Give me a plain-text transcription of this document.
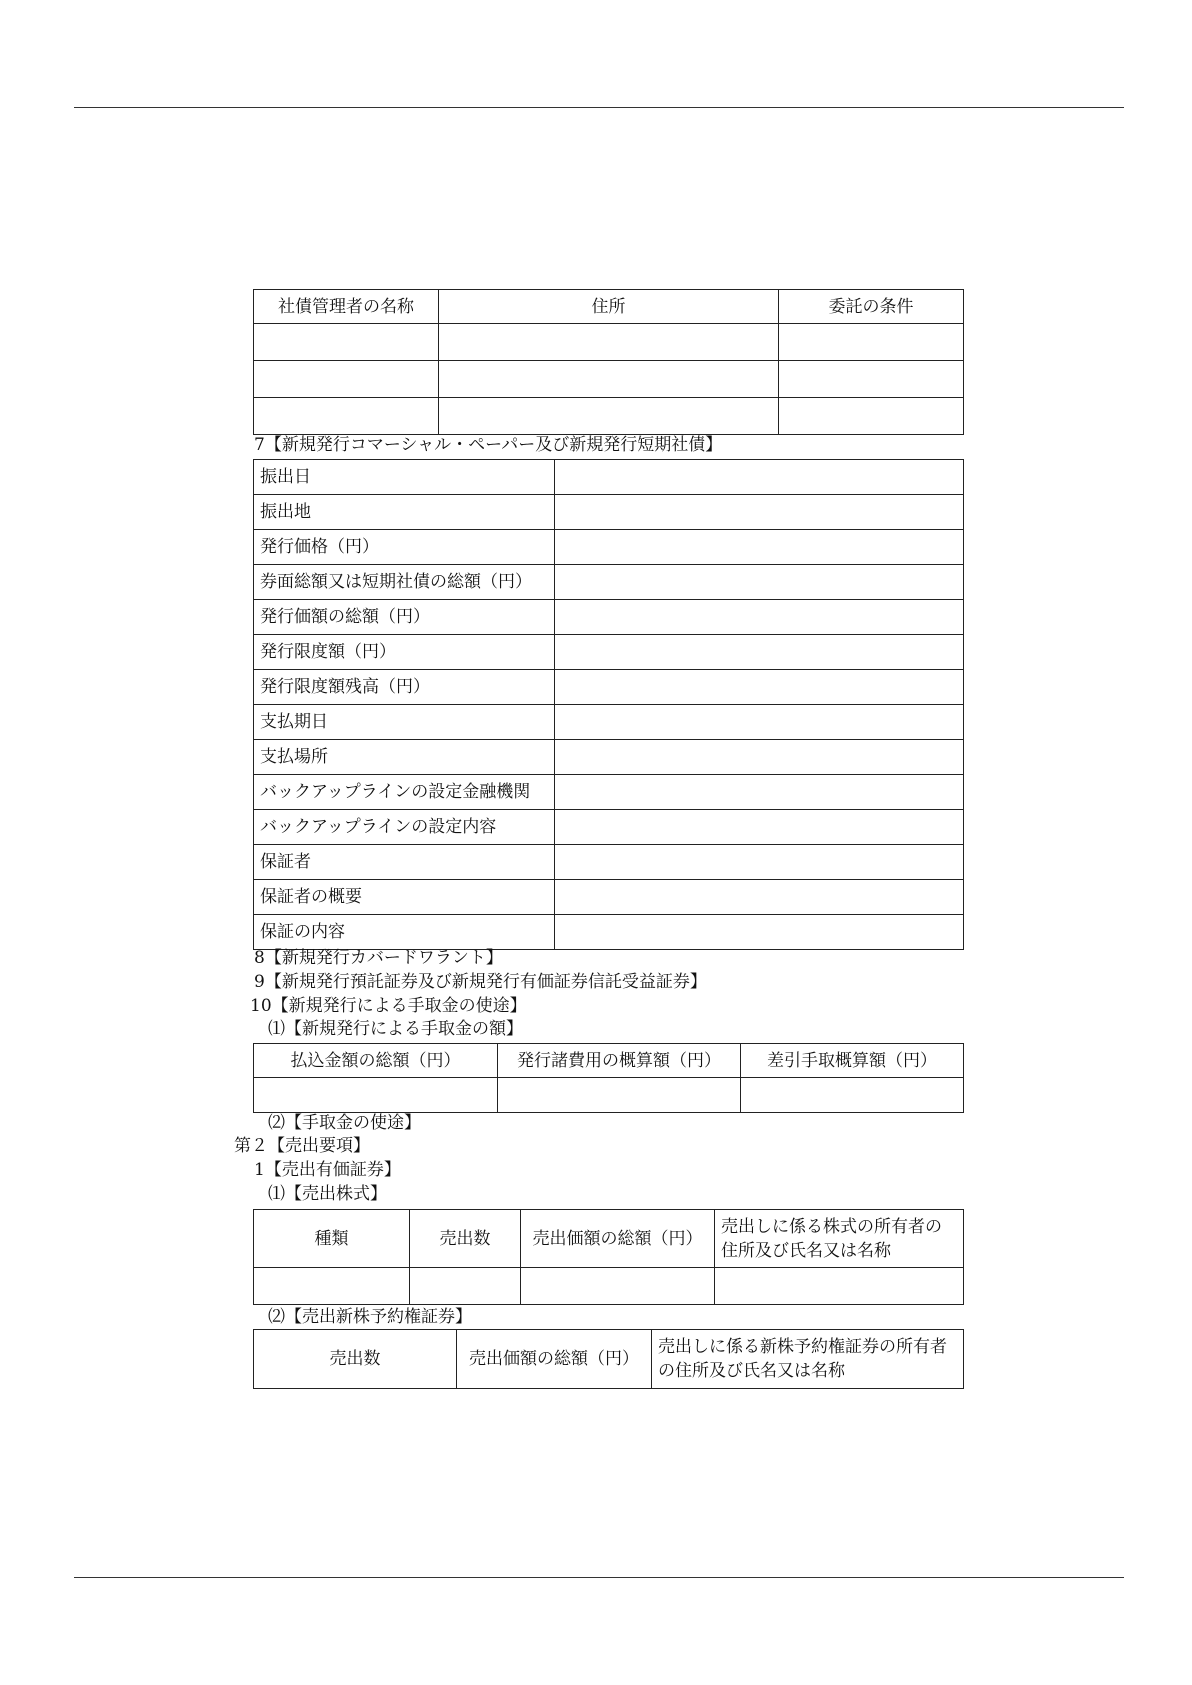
社債管理者の名称	住所	委託の条件

7【新規発行コマーシャル・ペーパー及び新規発行短期社債】
振出日	
振出地	
発行価格（円）	
券面総額又は短期社債の総額（円）	
発行価額の総額（円）	
発行限度額（円）	
発行限度額残高（円）	
支払期日	
支払場所	
バックアップラインの設定金融機関	
バックアップラインの設定内容	
保証者	
保証者の概要	
保証の内容	
8【新規発行カバードワラント】
9【新規発行預託証券及び新規発行有価証券信託受益証券】
10【新規発行による手取金の使途】
⑴【新規発行による手取金の額】
払込金額の総額（円）	発行諸費用の概算額（円）	差引手取概算額（円）

⑵【手取金の使途】
第２【売出要項】
1【売出有価証券】
⑴【売出株式】
種類	売出数	売出価額の総額（円）	売出しに係る株式の所有者の住所及び氏名又は名称

⑵【売出新株予約権証券】
売出数	売出価額の総額（円）	売出しに係る新株予約権証券の所有者の住所及び氏名又は名称
